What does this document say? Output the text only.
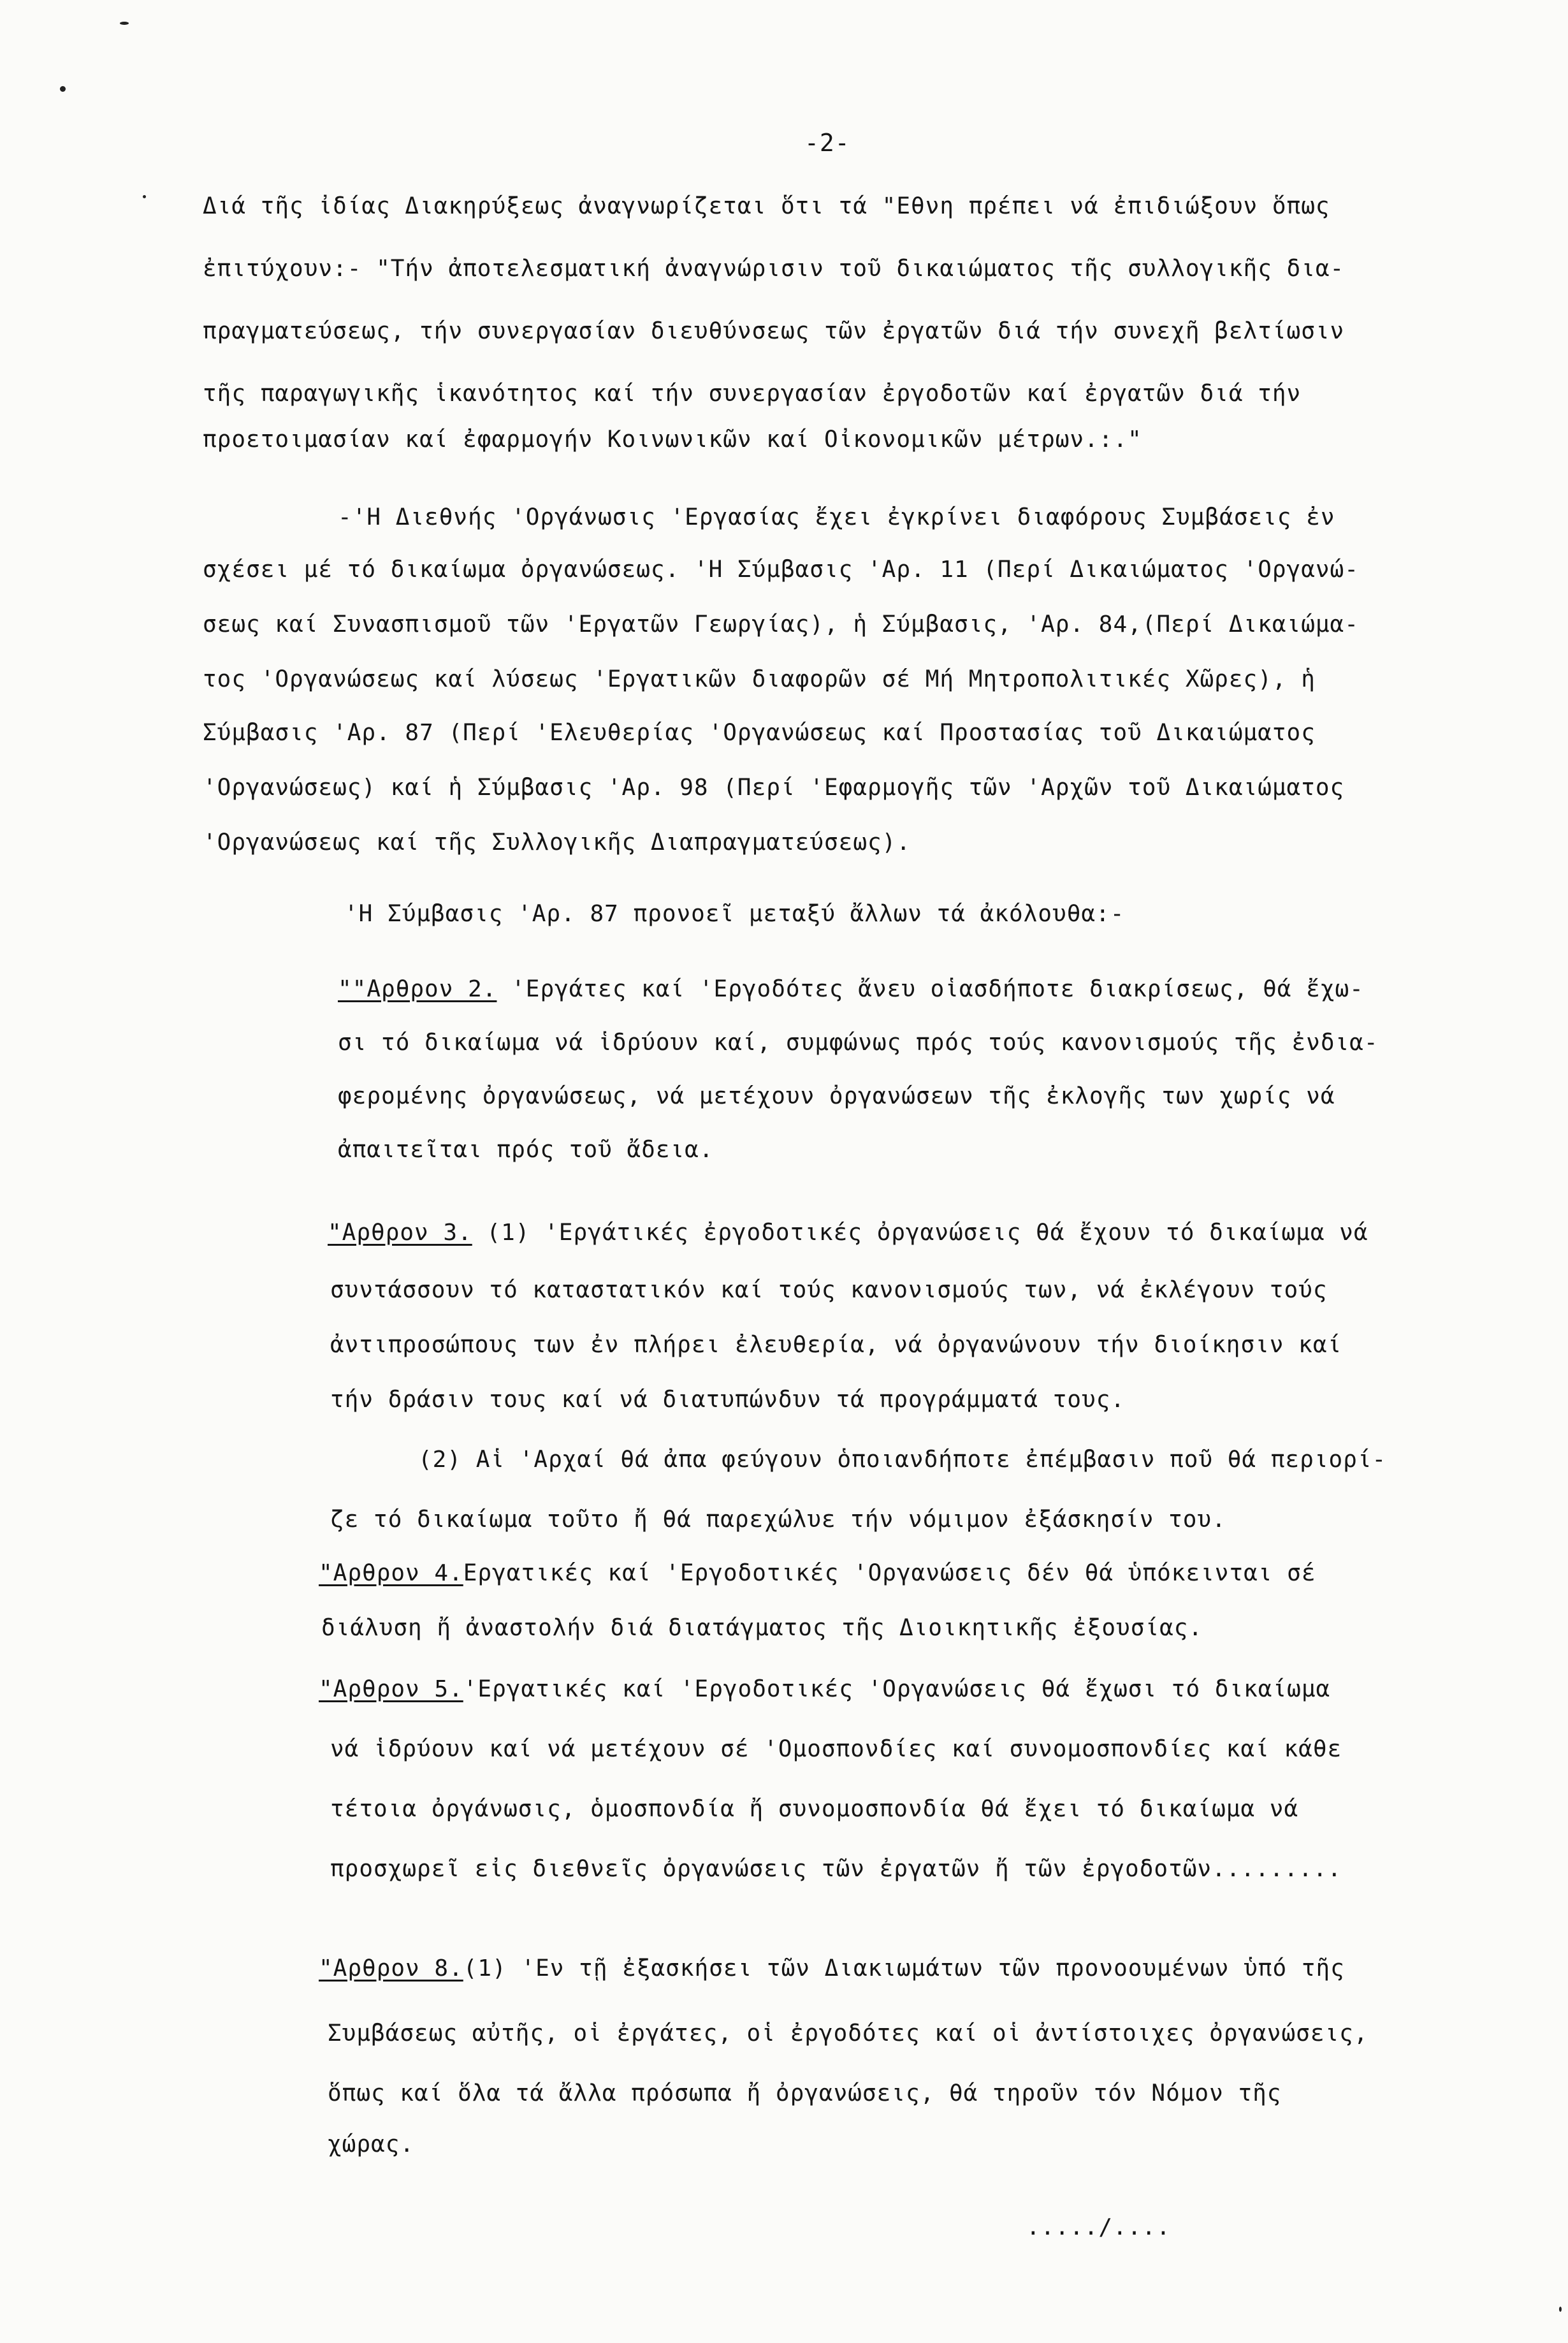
-2-

Διά τῆς ἰδίας Διακηρύξεως ἀναγνωρίζεται ὅτι τά "Εθνη πρέπει νά ἐπιδιώξουν ὅπως

ἐπιτύχουν:- "Τήν ἀποτελεσματική ἀναγνώρισιν τοῦ δικαιώματος τῆς συλλογικῆς δια-

πραγματεύσεως, τήν συνεργασίαν διευθύνσεως τῶν ἐργατῶν διά τήν συνεχῆ βελτίωσιν

τῆς παραγωγικῆς ἱκανότητος καί τήν συνεργασίαν ἐργοδοτῶν καί ἐργατῶν διά τήν

προετοιμασίαν καί ἐφαρμογήν Κοινωνικῶν καί Οἰκονομικῶν μέτρων.:."

-'Η Διεθνής 'Οργάνωσις 'Εργασίας ἔχει ἐγκρίνει διαφόρους Συμβάσεις ἐν

σχέσει μέ τό δικαίωμα ὀργανώσεως. 'Η Σύμβασις 'Αρ. 11 (Περί Δικαιώματος 'Οργανώ-

σεως καί Συνασπισμοῦ τῶν 'Εργατῶν Γεωργίας), ἡ Σύμβασις, 'Αρ. 84,(Περί Δικαιώμα-

τος 'Οργανώσεως καί λύσεως 'Εργατικῶν διαφορῶν σέ Μή Μητροπολιτικές Χῶρες), ἡ

Σύμβασις 'Αρ. 87 (Περί 'Ελευθερίας 'Οργανώσεως καί Προστασίας τοῦ Δικαιώματος

'Οργανώσεως) καί ἡ Σύμβασις 'Αρ. 98 (Περί 'Εφαρμογῆς τῶν 'Αρχῶν τοῦ Δικαιώματος

'Οργανώσεως καί τῆς Συλλογικῆς Διαπραγματεύσεως).

'Η Σύμβασις 'Αρ. 87 προνοεῖ μεταξύ ἄλλων τά ἀκόλουθα:-

""Αρθρον 2. 'Εργάτες καί 'Εργοδότες ἄνευ οἱασδήποτε διακρίσεως, θά ἔχω-

σι τό δικαίωμα νά ἱδρύουν καί, συμφώνως πρός τούς κανονισμούς τῆς ἐνδια-

φερομένης ὀργανώσεως, νά μετέχουν ὀργανώσεων τῆς ἐκλογῆς των χωρίς νά

ἀπαιτεῖται πρός τοῦ ἄδεια.

"Αρθρον 3. (1) 'Εργάτικές ἐργοδοτικές ὀργανώσεις θά ἔχουν τό δικαίωμα νά

συντάσσουν τό καταστατικόν καί τούς κανονισμούς των, νά ἐκλέγουν τούς

ἀντιπροσώπους των ἐν πλήρει ἐλευθερία, νά ὀργανώνουν τήν διοίκησιν καί

τήν δράσιν τους καί νά διατυπώνδυν τά προγράμματά τους.

(2) Αἱ 'Αρχαί θά ἀπα φεύγουν ὁποιανδήποτε ἐπέμβασιν ποῦ θά περιορί-

ζε τό δικαίωμα τοῦτο ἤ θά παρεχώλυε τήν νόμιμον ἐξάσκησίν του.

"Αρθρον 4.Εργατικές καί 'Εργοδοτικές 'Οργανώσεις δέν θά ὑπόκεινται σέ

διάλυση ἤ ἀναστολήν διά διατάγματος τῆς Διοικητικῆς ἐξουσίας.

"Αρθρον 5.'Εργατικές καί 'Εργοδοτικές 'Οργανώσεις θά ἔχωσι τό δικαίωμα

νά ἱδρύουν καί νά μετέχουν σέ 'Ομοσπονδίες καί συνομοσπονδίες καί κάθε

τέτοια ὀργάνωσις, ὁμοσπονδία ἤ συνομοσπονδία θά ἔχει τό δικαίωμα νά

προσχωρεῖ εἰς διεθνεῖς ὀργανώσεις τῶν ἐργατῶν ἤ τῶν ἐργοδοτῶν.........

"Αρθρον 8.(1) 'Εν τῇ ἐξασκήσει τῶν Διακιωμάτων τῶν προνοουμένων ὑπό τῆς

Συμβάσεως αὐτῆς, οἱ ἐργάτες, οἱ ἐργοδότες καί οἱ ἀντίστοιχες ὀργανώσεις,

ὅπως καί ὅλα τά ἄλλα πρόσωπα ἤ ὀργανώσεις, θά τηροῦν τόν Νόμον τῆς

χώρας.

...../....
